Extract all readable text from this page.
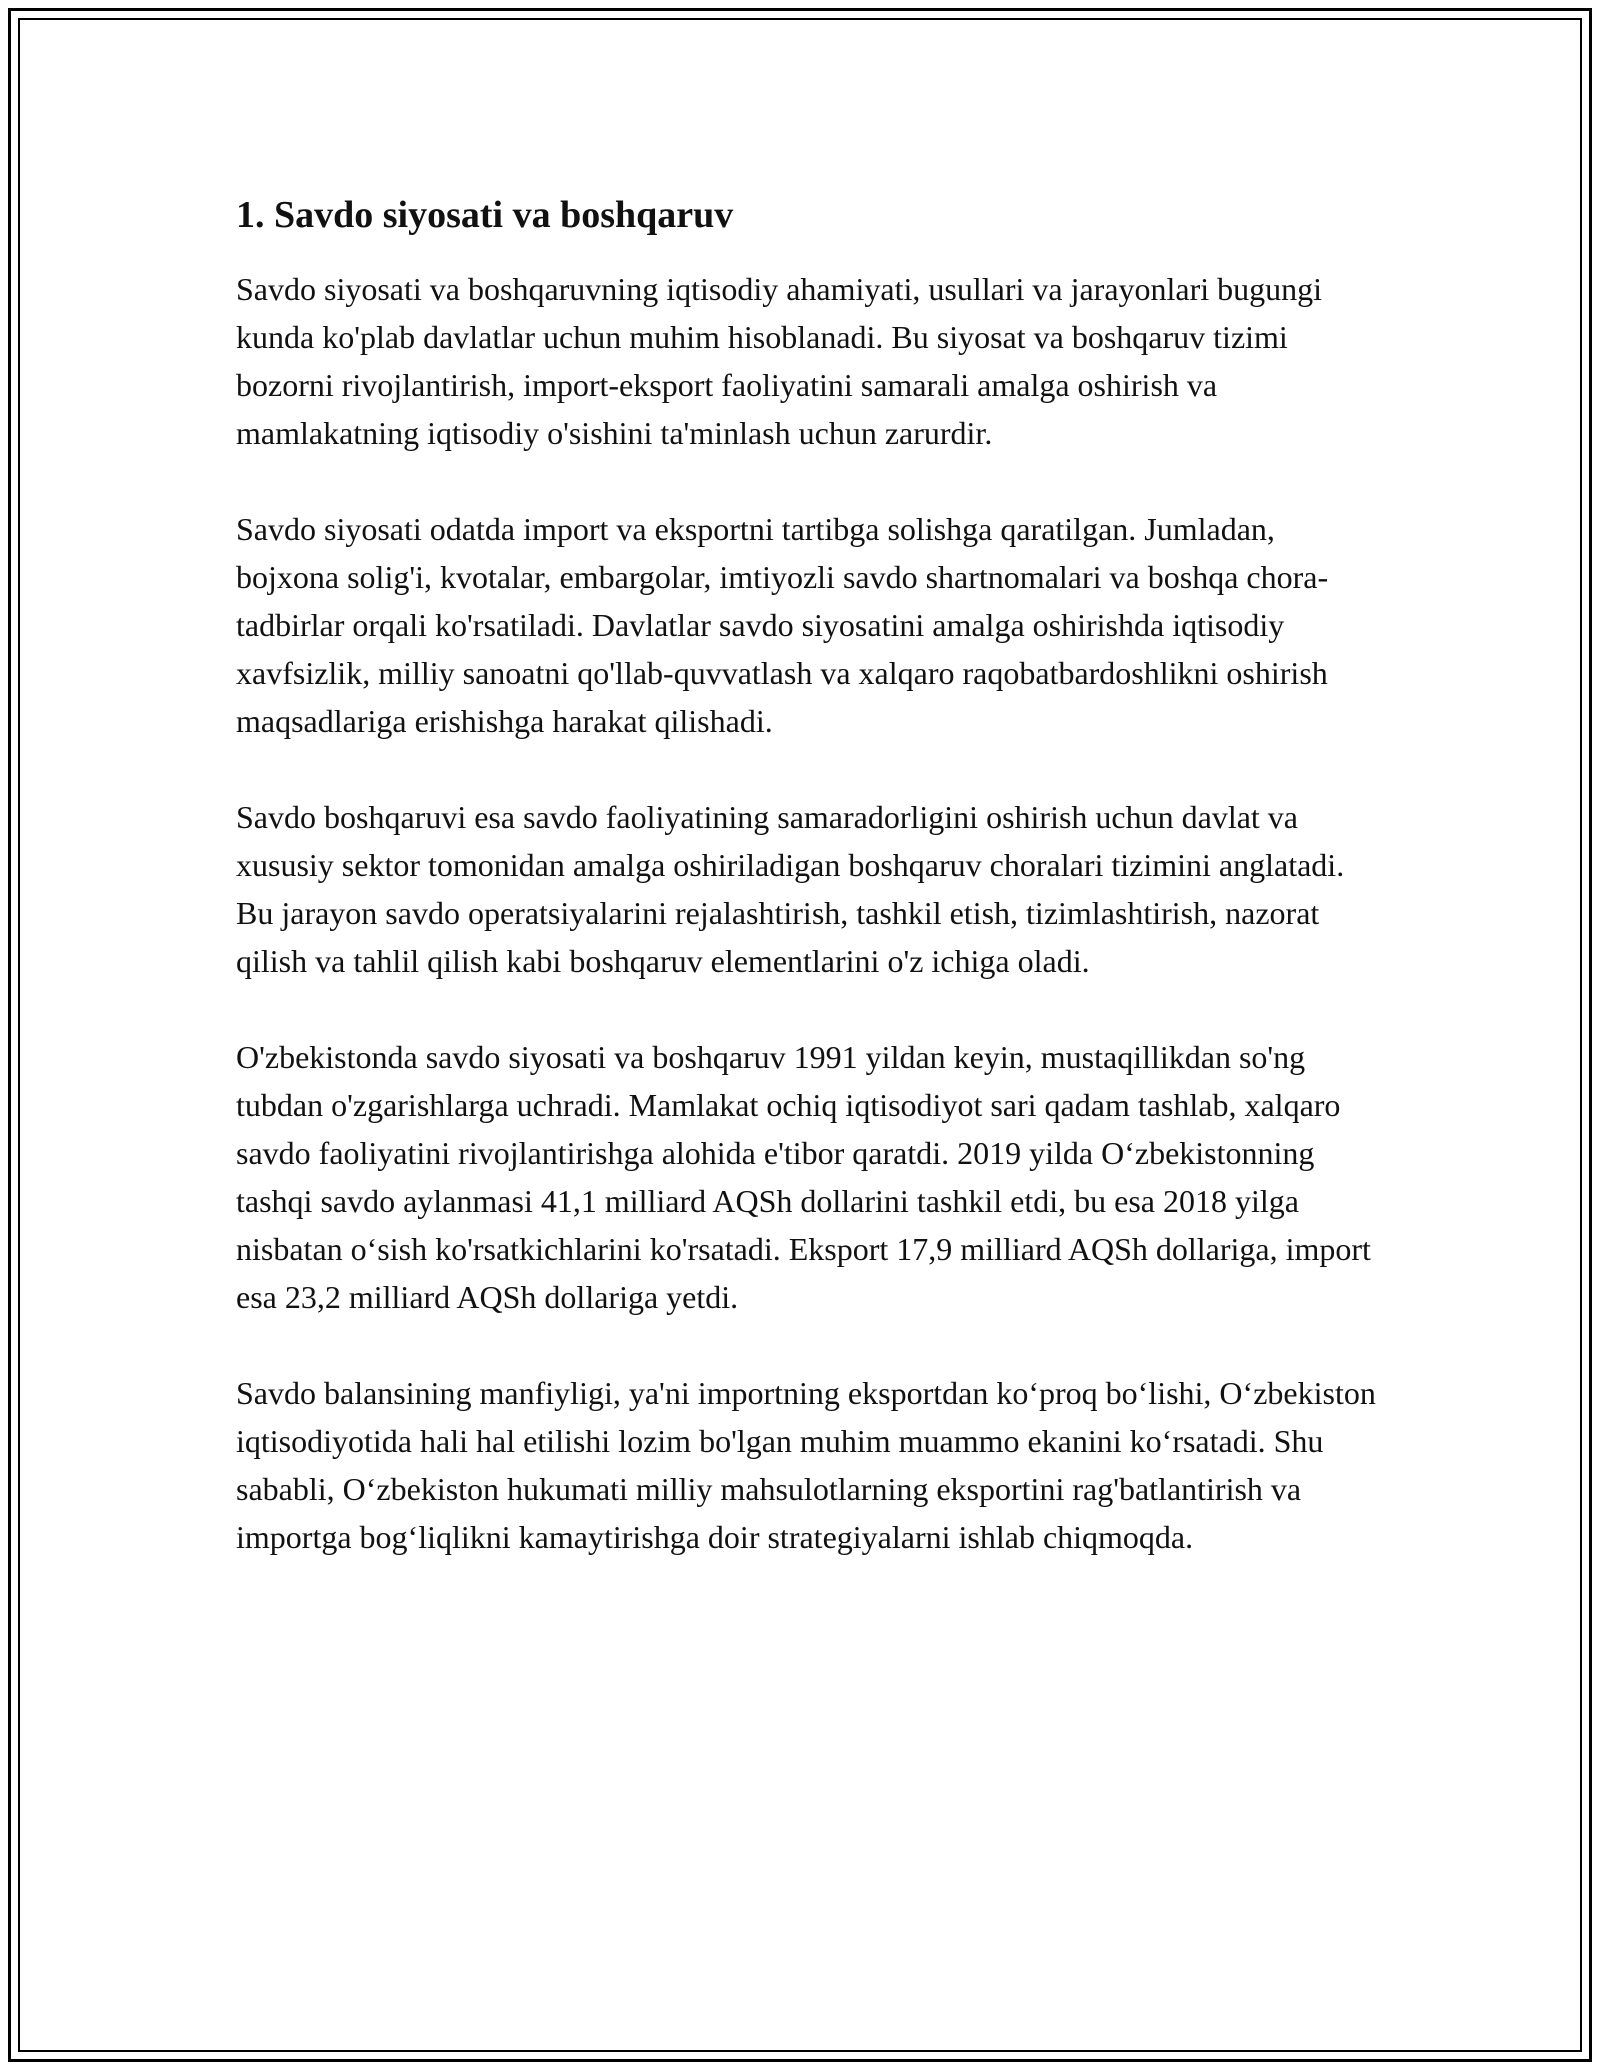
1. Savdo siyosati va boshqaruv

Savdo siyosati va boshqaruvning iqtisodiy ahamiyati, usullari va jarayonlari bugungi kunda ko'plab davlatlar uchun muhim hisoblanadi. Bu siyosat va boshqaruv tizimi bozorni rivojlantirish, import-eksport faoliyatini samarali amalga oshirish va mamlakatning iqtisodiy o'sishini ta'minlash uchun zarurdir.

Savdo siyosati odatda import va eksportni tartibga solishga qaratilgan. Jumladan, bojxona solig'i, kvotalar, embargolar, imtiyozli savdo shartnomalari va boshqa chora-tadbirlar orqali ko'rsatiladi. Davlatlar savdo siyosatini amalga oshirishda iqtisodiy xavfsizlik, milliy sanoatni qo'llab-quvvatlash va xalqaro raqobatbardoshlikni oshirish maqsadlariga erishishga harakat qilishadi.

Savdo boshqaruvi esa savdo faoliyatining samaradorligini oshirish uchun davlat va xususiy sektor tomonidan amalga oshiriladigan boshqaruv choralari tizimini anglatadi. Bu jarayon savdo operatsiyalarini rejalashtirish, tashkil etish, tizimlashtirish, nazorat qilish va tahlil qilish kabi boshqaruv elementlarini o'z ichiga oladi.

O'zbekistonda savdo siyosati va boshqaruv 1991 yildan keyin, mustaqillikdan so'ng tubdan o'zgarishlarga uchradi. Mamlakat ochiq iqtisodiyot sari qadam tashlab, xalqaro savdo faoliyatini rivojlantirishga alohida e'tibor qaratdi. 2019 yilda O‘zbekistonning tashqi savdo aylanmasi 41,1 milliard AQSh dollarini tashkil etdi, bu esa 2018 yilga nisbatan o‘sish ko'rsatkichlarini ko'rsatadi. Eksport 17,9 milliard AQSh dollariga, import esa 23,2 milliard AQSh dollariga yetdi.

Savdo balansining manfiyligi, ya'ni importning eksportdan ko‘proq bo‘lishi, O‘zbekiston iqtisodiyotida hali hal etilishi lozim bo'lgan muhim muammo ekanini ko‘rsatadi. Shu sababli, O‘zbekiston hukumati milliy mahsulotlarning eksportini rag'batlantirish va importga bog‘liqlikni kamaytirishga doir strategiyalarni ishlab chiqmoqda.
